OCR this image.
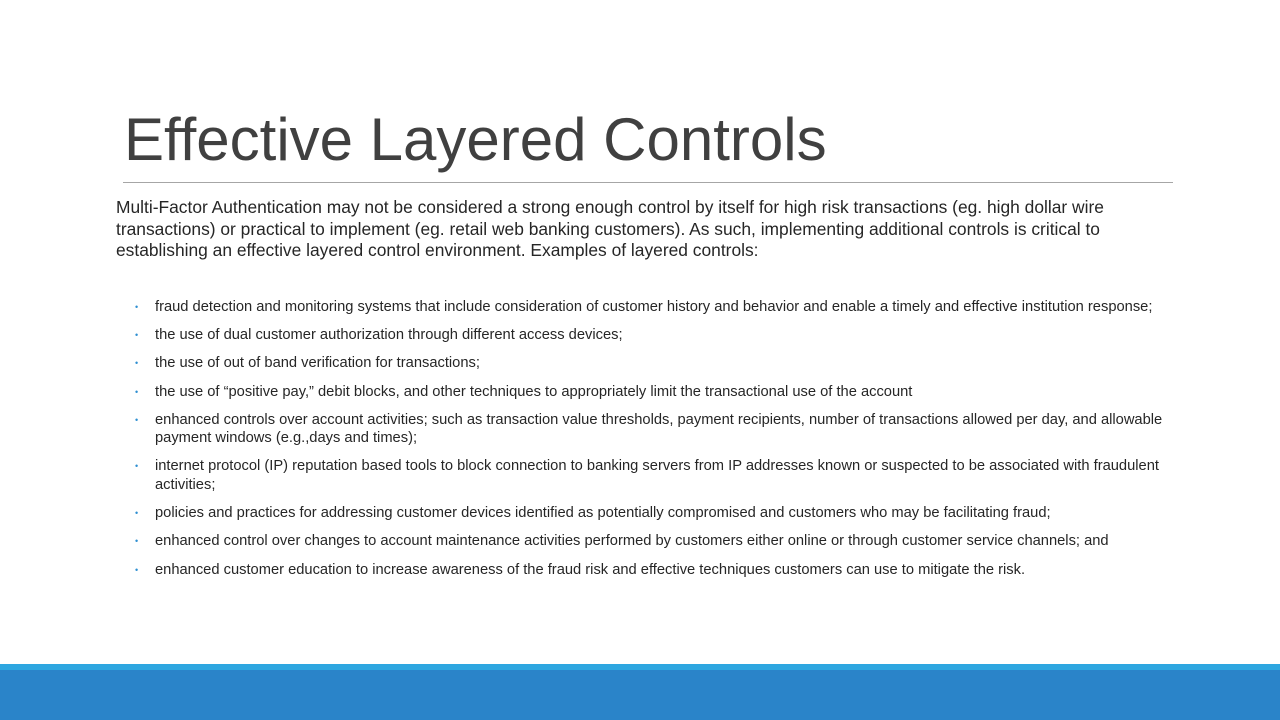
Effective Layered Controls

Multi-Factor Authentication may not be considered a strong enough control by itself for high risk transactions (eg. high dollar wire transactions) or practical to implement (eg. retail web banking customers). As such, implementing additional controls is critical to establishing an effective layered control environment. Examples of layered controls:

• fraud detection and monitoring systems that include consideration of customer history and behavior and enable a timely and effective institution response;
• the use of dual customer authorization through different access devices;
• the use of out of band verification for transactions;
• the use of “positive pay,” debit blocks, and other techniques to appropriately limit the transactional use of the account
• enhanced controls over account activities; such as transaction value thresholds, payment recipients, number of transactions allowed per day, and allowable payment windows (e.g.,days and times);
• internet protocol (IP) reputation based tools to block connection to banking servers from IP addresses known or suspected to be associated with fraudulent activities;
• policies and practices for addressing customer devices identified as potentially compromised and customers who may be facilitating fraud;
• enhanced control over changes to account maintenance activities performed by customers either online or through customer service channels; and
• enhanced customer education to increase awareness of the fraud risk and effective techniques customers can use to mitigate the risk.
